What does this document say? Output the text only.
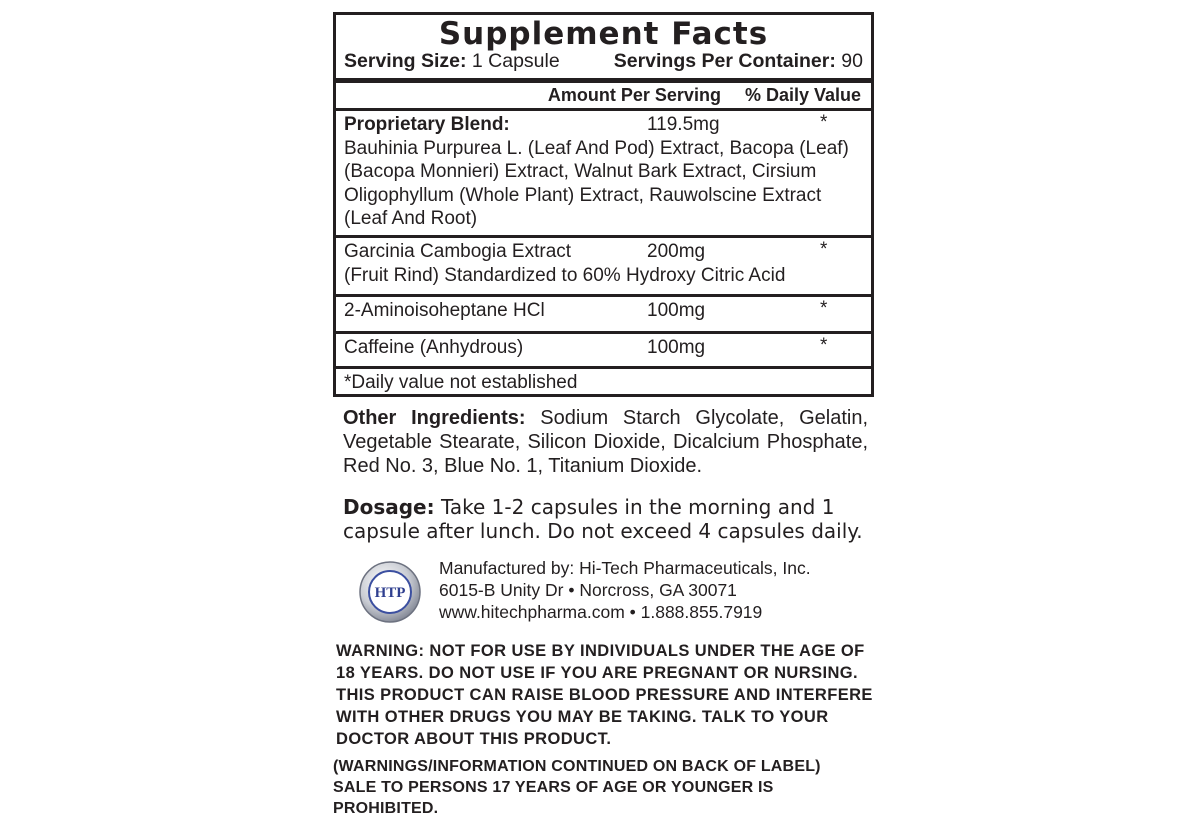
Supplement Facts
Serving Size: 1 Capsule	Servings Per Container: 90
Amount Per Serving % Daily Value
Proprietary Blend:	119.5mg	*
Bauhinia Purpurea L. (Leaf And Pod) Extract, Bacopa (Leaf)
(Bacopa Monnieri) Extract, Walnut Bark Extract, Cirsium
Oligophyllum (Whole Plant) Extract, Rauwolscine Extract
(Leaf And Root)
Garcinia Cambogia Extract	200mg	*
(Fruit Rind) Standardized to 60% Hydroxy Citric Acid
2-Aminoisoheptane HCl	100mg	*
Caffeine (Anhydrous)	100mg	*
*Daily value not established
Other Ingredients: Sodium Starch Glycolate, Gelatin, Vegetable Stearate, Silicon Dioxide, Dicalcium Phosphate, Red No. 3, Blue No. 1, Titanium Dioxide.
Dosage: Take 1-2 capsules in the morning and 1 capsule after lunch. Do not exceed 4 capsules daily.
HTP
Manufactured by: Hi-Tech Pharmaceuticals, Inc.
6015-B Unity Dr • Norcross, GA 30071
www.hitechpharma.com • 1.888.855.7919
WARNING: NOT FOR USE BY INDIVIDUALS UNDER THE AGE OF 18 YEARS. DO NOT USE IF YOU ARE PREGNANT OR NURSING. THIS PRODUCT CAN RAISE BLOOD PRESSURE AND INTERFERE WITH OTHER DRUGS YOU MAY BE TAKING. TALK TO YOUR DOCTOR ABOUT THIS PRODUCT.
(WARNINGS/INFORMATION CONTINUED ON BACK OF LABEL)
SALE TO PERSONS 17 YEARS OF AGE OR YOUNGER IS PROHIBITED.
